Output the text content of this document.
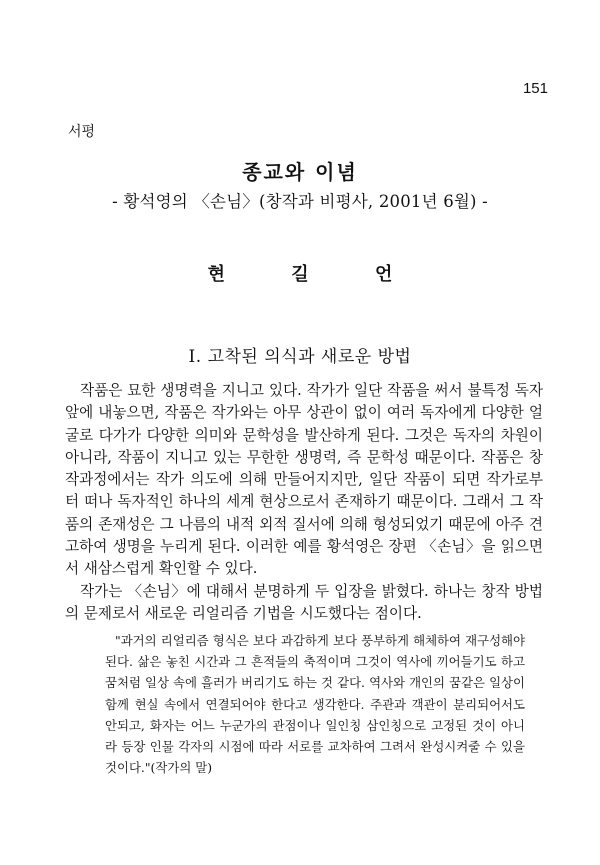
151
서평
종교와 이념
- 황석영의 〈손님〉(창작과 비평사, 2001년 6월) -
현 길 언
Ⅰ. 고착된 의식과 새로운 방법

작품은 묘한 생명력을 지니고 있다. 작가가 일단 작품을 써서 불특정 독자 앞에 내놓으면, 작품은 작가와는 아무 상관이 없이 여러 독자에게 다양한 얼굴로 다가가 다양한 의미와 문학성을 발산하게 된다. 그것은 독자의 차원이 아니라, 작품이 지니고 있는 무한한 생명력, 즉 문학성 때문이다. 작품은 창작과정에서는 작가 의도에 의해 만들어지지만, 일단 작품이 되면 작가로부터 떠나 독자적인 하나의 세계 현상으로서 존재하기 때문이다. 그래서 그 작품의 존재성은 그 나름의 내적 외적 질서에 의해 형성되었기 때문에 아주 견고하여 생명을 누리게 된다. 이러한 예를 황석영은 장편 〈손님〉을 읽으면서 새삼스럽게 확인할 수 있다.

작가는 〈손님〉에 대해서 분명하게 두 입장을 밝혔다. 하나는 창작 방법의 문제로서 새로운 리얼리즘 기법을 시도했다는 점이다.

"과거의 리얼리즘 형식은 보다 과감하게 보다 풍부하게 해체하여 재구성해야 된다. 삶은 놓친 시간과 그 흔적들의 축적이며 그것이 역사에 끼어들기도 하고 꿈처럼 일상 속에 흘러가 버리기도 하는 것 같다. 역사와 개인의 꿈같은 일상이 함께 현실 속에서 연결되어야 한다고 생각한다. 주관과 객관이 분리되어서도 안되고, 화자는 어느 누군가의 관점이나 일인칭 삼인칭으로 고정된 것이 아니라 등장 인물 각자의 시점에 따라 서로를 교차하여 그려서 완성시켜줄 수 있을 것이다."(작가의 말)
